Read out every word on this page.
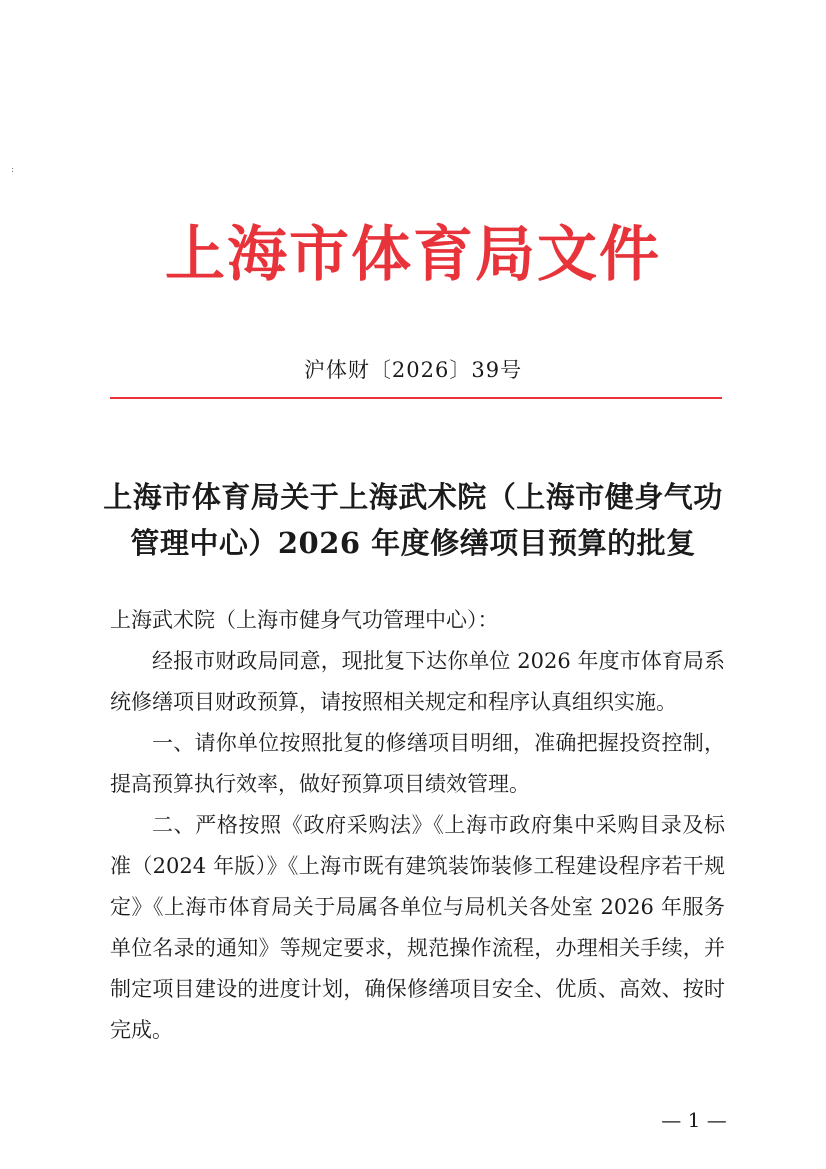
:
上海市体育局文件
沪体财〔2026〕39号
上海市体育局关于上海武术院（上海市健身气功
管理中心）2026 年度修缮项目预算的批复

上海武术院（上海市健身气功管理中心）：

经报市财政局同意，现批复下达你单位 2026 年度市体育局系统修缮项目财政预算，请按照相关规定和程序认真组织实施。

一、请你单位按照批复的修缮项目明细，准确把握投资控制，提高预算执行效率，做好预算项目绩效管理。

二、严格按照《政府采购法》《上海市政府集中采购目录及标准（2024 年版）》《上海市既有建筑装饰装修工程建设程序若干规定》《上海市体育局关于局属各单位与局机关各处室 2026 年服务单位名录的通知》等规定要求，规范操作流程，办理相关手续，并制定项目建设的进度计划，确保修缮项目安全、优质、高效、按时完成。

— 1 —
